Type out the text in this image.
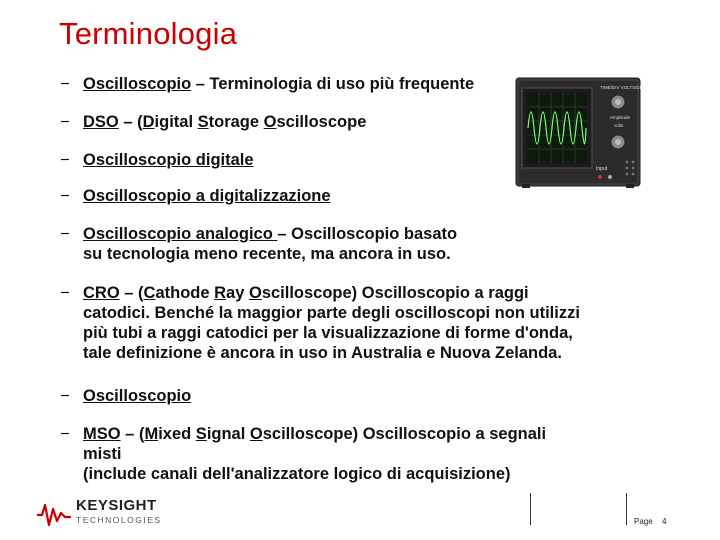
Terminologia
− Oscilloscopio – Terminologia di uso più frequente
− DSO – (Digital Storage Oscilloscope
− Oscilloscopio digitale
− Oscilloscopio a digitalizzazione
− Oscilloscopio analogico – Oscilloscopio basato
su tecnologia meno recente, ma ancora in uso.
− CRO – (Cathode Ray Oscilloscope) Oscilloscopio a raggi
catodici. Benché la maggior parte degli oscilloscopi non utilizzi
più tubi a raggi catodici per la visualizzazione di forme d'onda,
tale definizione è ancora in uso in Australia e Nuova Zelanda.
− Oscilloscopio
− MSO – (Mixed Signal Oscilloscope) Oscilloscopio a segnali
misti
(include canali dell'analizzatore logico di acquisizione)
TIME/DIV VOLTS/DIV
Amplitude
volts
Input
KEYSIGHT
TECHNOLOGIES	Page 4
